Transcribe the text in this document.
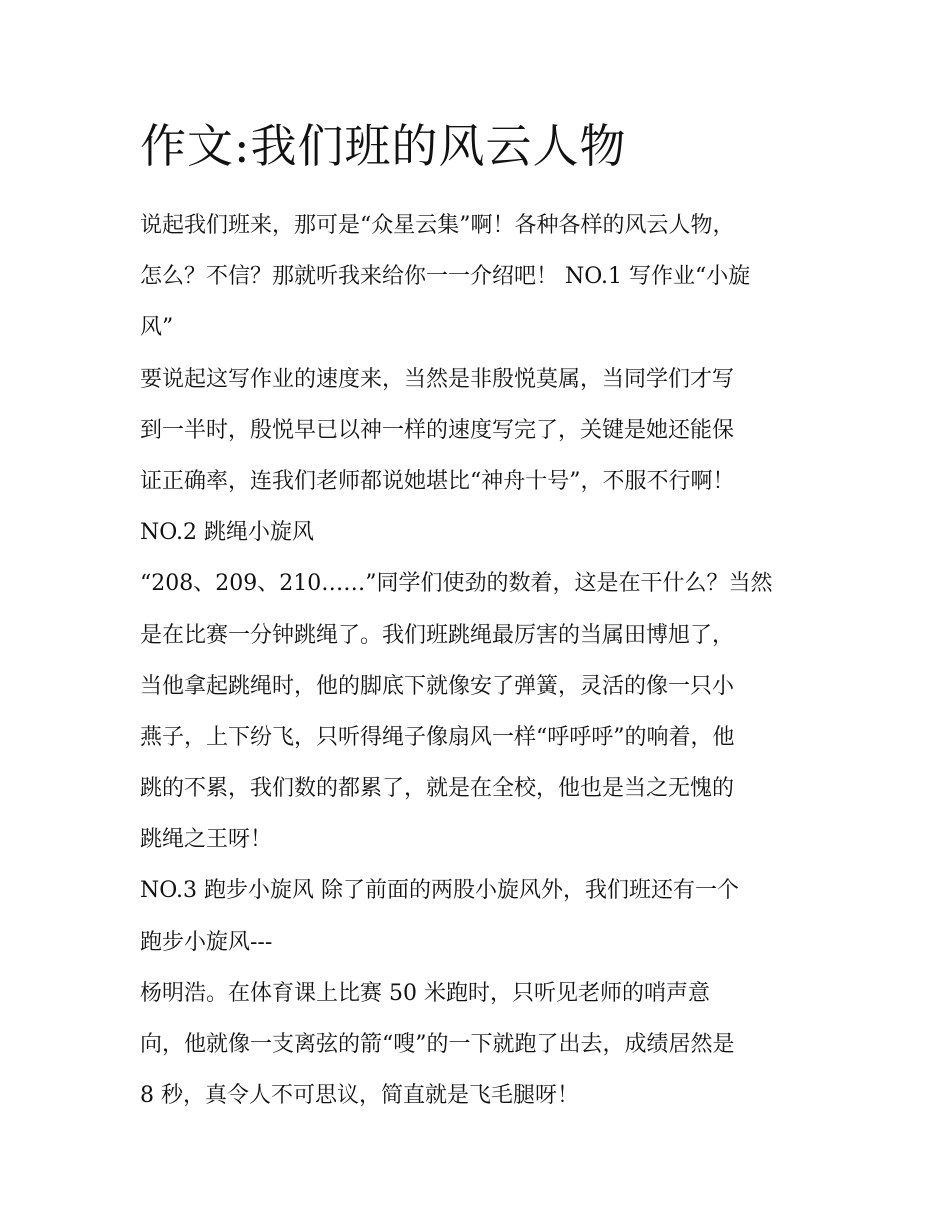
作文:我们班的风云人物

说起我们班来，那可是“众星云集”啊！各种各样的风云人物，
怎么？不信？那就听我来给你一一介绍吧！ NO.1 写作业“小旋
风”

要说起这写作业的速度来，当然是非殷悦莫属，当同学们才写
到一半时，殷悦早已以神一样的速度写完了，关键是她还能保
证正确率，连我们老师都说她堪比“神舟十号”，不服不行啊！

NO.2 跳绳小旋风

“208、209、210……”同学们使劲的数着，这是在干什么？当然
是在比赛一分钟跳绳了。我们班跳绳最厉害的当属田博旭了，
当他拿起跳绳时，他的脚底下就像安了弹簧，灵活的像一只小
燕子，上下纷飞，只听得绳子像扇风一样“呼呼呼”的响着，他
跳的不累，我们数的都累了，就是在全校，他也是当之无愧的
跳绳之王呀！

NO.3 跑步小旋风 除了前面的两股小旋风外，我们班还有一个
跑步小旋风---

杨明浩。在体育课上比赛 50 米跑时，只听见老师的哨声意
向，他就像一支离弦的箭“嗖”的一下就跑了出去，成绩居然是
8 秒，真令人不可思议，简直就是飞毛腿呀！
